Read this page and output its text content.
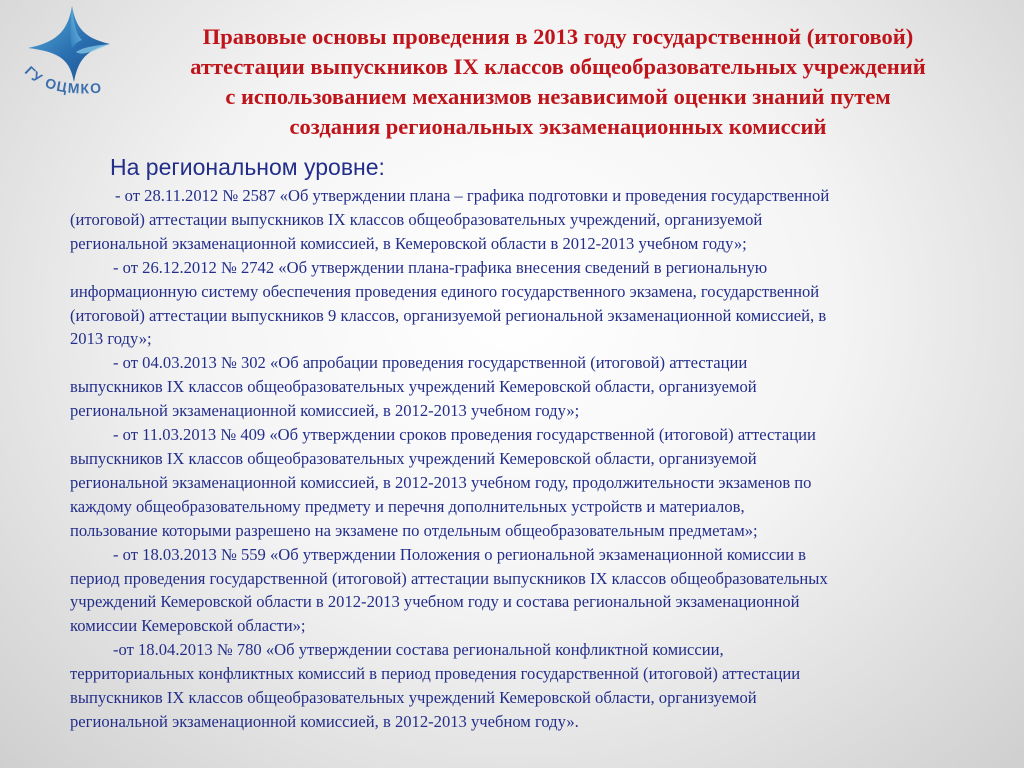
ГУ ОЦМКО
Правовые основы проведения в 2013 году государственной (итоговой)
аттестации выпускников IX классов общеобразовательных учреждений
с использованием механизмов независимой оценки знаний путем
создания региональных экзаменационных комиссий
На региональном уровне:
- от 28.11.2012 № 2587 «Об утверждении плана – графика подготовки и проведения государственной
(итоговой) аттестации выпускников IX классов общеобразовательных учреждений, организуемой
региональной экзаменационной комиссией, в Кемеровской области в 2012-2013 учебном году»;
- от 26.12.2012 № 2742 «Об утверждении плана-графика внесения сведений в региональную
информационную систему обеспечения проведения единого государственного экзамена, государственной
(итоговой) аттестации выпускников 9 классов, организуемой региональной экзаменационной комиссией, в
2013 году»;
- от 04.03.2013 № 302 «Об апробации проведения государственной (итоговой) аттестации
выпускников IX классов общеобразовательных учреждений Кемеровской области, организуемой
региональной экзаменационной комиссией, в 2012-2013 учебном году»;
- от 11.03.2013 № 409 «Об утверждении сроков проведения государственной (итоговой) аттестации
выпускников IX классов общеобразовательных учреждений Кемеровской области, организуемой
региональной экзаменационной комиссией, в 2012-2013 учебном году, продолжительности экзаменов по
каждому общеобразовательному предмету и перечня дополнительных устройств и материалов,
пользование которыми разрешено на экзамене по отдельным общеобразовательным предметам»;
- от 18.03.2013 № 559 «Об утверждении Положения о региональной экзаменационной комиссии в
период проведения государственной (итоговой) аттестации выпускников IX классов общеобразовательных
учреждений Кемеровской области в 2012-2013 учебном году и состава региональной экзаменационной
комиссии Кемеровской области»;
-от 18.04.2013 № 780 «Об утверждении состава региональной конфликтной комиссии,
территориальных конфликтных комиссий в период проведения государственной (итоговой) аттестации
выпускников IX классов общеобразовательных учреждений Кемеровской области, организуемой
региональной экзаменационной комиссией, в 2012-2013 учебном году».
